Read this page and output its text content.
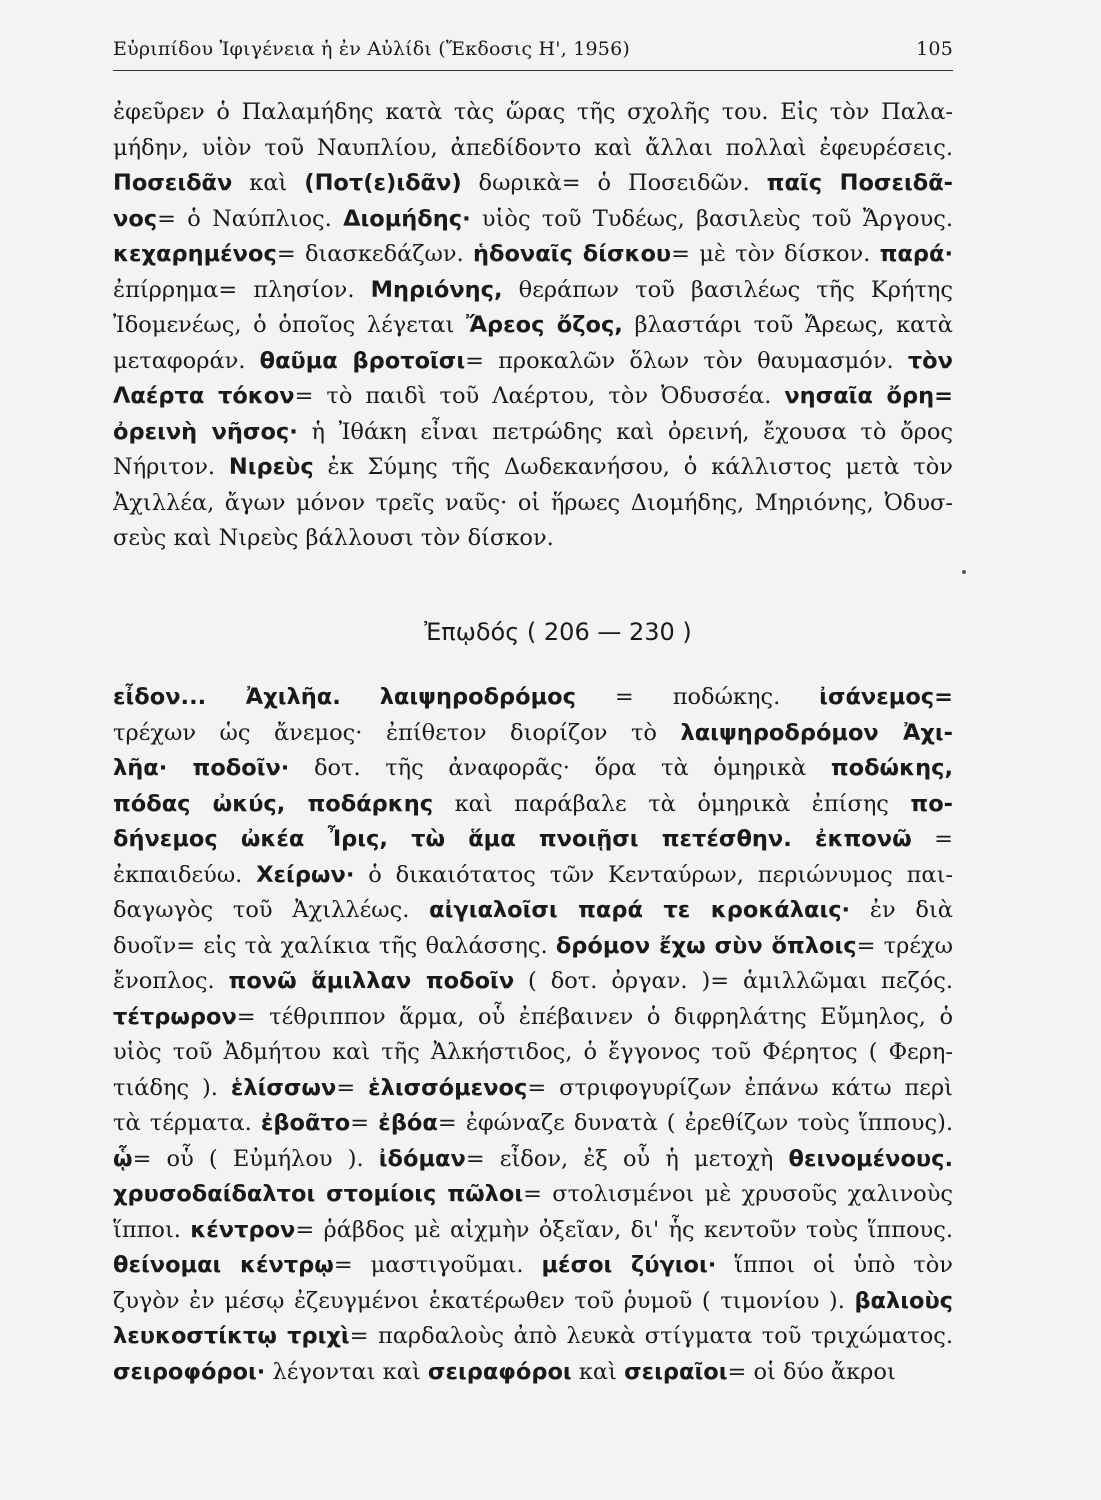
Εὐριπίδου Ἰφιγένεια ἡ ἐν Αὐλίδι (Ἔκδοσις Η', 1956)	105
ἐφεῦρεν ὁ Παλαμήδης κατὰ τὰς ὥρας τῆς σχολῆς του. Εἰς τὸν Παλα-
μήδην, υἱὸν τοῦ Ναυπλίου, ἀπεδίδοντο καὶ ἄλλαι πολλαὶ ἐφευρέσεις.
Ποσειδᾶν καὶ (Ποτ(ε)ιδᾶν) δωρικὰ= ὁ Ποσειδῶν. παῖς Ποσειδᾶ-
νος= ὁ Ναύπλιος. Διομήδης· υἱὸς τοῦ Τυδέως, βασιλεὺς τοῦ Ἄργους.
κεχαρημένος= διασκεδάζων. ἡδοναῖς δίσκου= μὲ τὸν δίσκον. παρά·
ἐπίρρημα= πλησίον. Μηριόνης, θεράπων τοῦ βασιλέως τῆς Κρήτης
Ἰδομενέως, ὁ ὁποῖος λέγεται Ἄρεος ὄζος, βλαστάρι τοῦ Ἄρεως, κατὰ
μεταφοράν. θαῦμα βροτοῖσι= προκαλῶν ὅλων τὸν θαυμασμόν. τὸν
Λαέρτα τόκον= τὸ παιδὶ τοῦ Λαέρτου, τὸν Ὀδυσσέα. νησαῖα ὄρη=
ὀρεινὴ νῆσος· ἡ Ἰθάκη εἶναι πετρώδης καὶ ὀρεινή, ἔχουσα τὸ ὄρος
Νήριτον. Νιρεὺς ἐκ Σύμης τῆς Δωδεκανήσου, ὁ κάλλιστος μετὰ τὸν
Ἀχιλλέα, ἄγων μόνον τρεῖς ναῦς· οἱ ἥρωες Διομήδης, Μηριόνης, Ὀδυσ-
σεὺς καὶ Νιρεὺς βάλλουσι τὸν δίσκον.
Ἐπῳδός ( 206 — 230 )
εἶδον... Ἀχιλῆα. λαιψηροδρόμος = ποδώκης. ἰσάνεμος=
τρέχων ὡς ἄνεμος· ἐπίθετον διορίζον τὸ λαιψηροδρόμον Ἀχι-
λῆα· ποδοῖν· δοτ. τῆς ἀναφορᾶς· ὅρα τὰ ὁμηρικὰ ποδώκης,
πόδας ὠκύς, ποδάρκης καὶ παράβαλε τὰ ὁμηρικὰ ἐπίσης πο-
δήνεμος ὠκέα Ἶρις, τὼ ἅμα πνοιῇσι πετέσθην. ἐκπονῶ =
ἐκπαιδεύω. Χείρων· ὁ δικαιότατος τῶν Κενταύρων, περιώνυμος παι-
δαγωγὸς τοῦ Ἀχιλλέως. αἰγιαλοῖσι παρά τε κροκάλαις· ἐν διὰ
δυοῖν= εἰς τὰ χαλίκια τῆς θαλάσσης. δρόμον ἔχω σὺν ὅπλοις= τρέχω
ἔνοπλος. πονῶ ἅμιλλαν ποδοῖν ( δοτ. ὀργαν. )= ἁμιλλῶμαι πεζός.
τέτρωρον= τέθριππον ἅρμα, οὗ ἐπέβαινεν ὁ διφρηλάτης Εὔμηλος, ὁ
υἱὸς τοῦ Ἀδμήτου καὶ τῆς Ἀλκήστιδος, ὁ ἔγγονος τοῦ Φέρητος ( Φερη-
τιάδης ). ἑλίσσων= ἑλισσόμενος= στριφογυρίζων ἐπάνω κάτω περὶ
τὰ τέρματα. ἐβοᾶτο= ἐβόα= ἐφώναζε δυνατὰ ( ἐρεθίζων τοὺς ἵππους).
ᾧ= οὗ ( Εὐμήλου ). ἰδόμαν= εἶδον, ἐξ οὗ ἡ μετοχὴ θεινομένους.
χρυσοδαίδαλτοι στομίοις πῶλοι= στολισμένοι μὲ χρυσοῦς χαλινοὺς
ἵπποι. κέντρον= ῥάβδος μὲ αἰχμὴν ὀξεῖαν, δι' ἧς κεντοῦν τοὺς ἵππους.
θείνομαι κέντρῳ= μαστιγοῦμαι. μέσοι ζύγιοι· ἵπποι οἱ ὑπὸ τὸν
ζυγὸν ἐν μέσῳ ἐζευγμένοι ἑκατέρωθεν τοῦ ῥυμοῦ ( τιμονίου ). βαλιοὺς
λευκοστίκτῳ τριχὶ= παρδαλοὺς ἀπὸ λευκὰ στίγματα τοῦ τριχώματος.
σειροφόροι· λέγονται καὶ σειραφόροι καὶ σειραῖοι= οἱ δύο ἄκροι
